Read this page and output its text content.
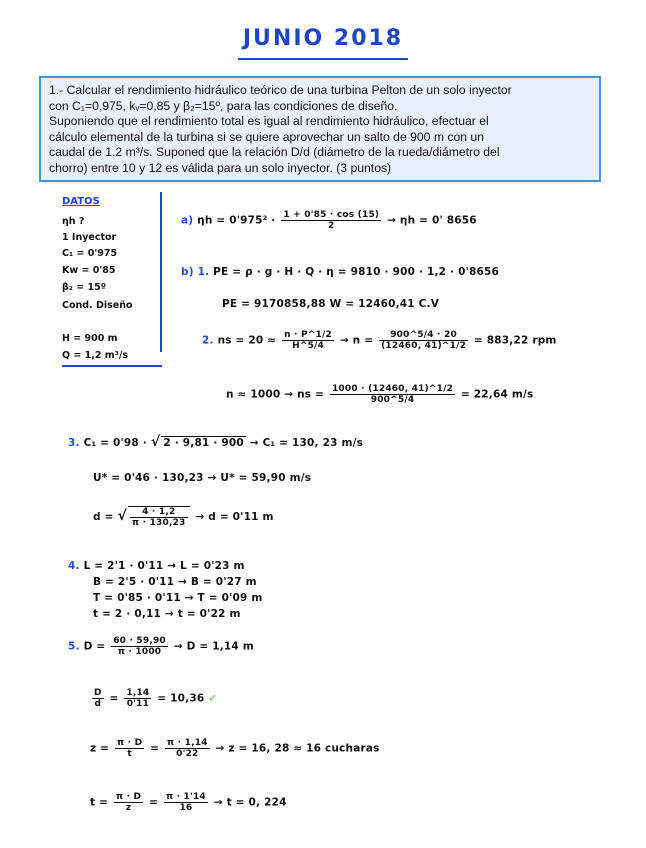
JUNIO 2018

1.- Calcular el rendimiento hidráulico teórico de una turbina Pelton de un solo inyector

con C₁=0,975, kᵥ=0,85 y β₂=15º, para las condiciones de diseño.

Suponiendo que el rendimiento total es igual al rendimiento hidráulico, efectuar el

cálculo elemental de la turbina si se quiere aprovechar un salto de 900 m con un

caudal de 1.2 m³/s. Suponed que la relación D/d (diámetro de la rueda/diámetro del

chorro) entre 10 y 12 es válida para un solo inyector. (3 puntos)

DATOS
ηh ?
1 Inyector
C₁ = 0'975
Kw = 0'85
β₂ = 15º
Cond. Diseño
H = 900 m
Q = 1,2 m³/s
a) $\eta h = 0'975^2 \cdot \frac{1 + 0'85 \cdot \cos (15)}{2} \to \eta h = 0'$ 8656
b) 1. PE = ρ · g · H · Q · η = 9810 · 900 · 1,2 · 0'8656
PE = 9170858,88 W = 12460,41 C.V
2. ns = $20 \approx \frac{n \cdot P\^{}1/2}{H\^{}5/4} \to n = \frac{900\^{}5/4 \cdot 20}{(12460, 41)\^{}1/2} = 883,22$ rpm
n ≈ 1000 → ns = $\frac{1000 \cdot (12460, 41)\^{}1/2}{900\^{}5/4} = 22,64$ m/s
3. C₁ = 0'98 · √ 2 · 9,81 · 900 → C₁ = 130, 23 m/s
U* = 0'46 · 130,23 → U* = 59,90 m/s
d = √ $\frac{4 \cdot 1,2}{\pi \cdot 130,23} \to d = 0'11$ m
4. L = 2'1 · 0'11 → L = 0'23 m
B = 2'5 · 0'11 → B = 0'27 m
T = 0'85 · 0'11 → T = 0'09 m
t = 2 · 0,11 → t = 0'22 m
5. $D = \frac{60 \cdot 59,90}{\pi \cdot 1000} \to D = 1,14$ m
$\frac{D}{d} = \frac{1,14}{0'11} = 10,36$ ✓
$z = \frac{\pi \cdot D}{t} = \frac{\pi \cdot 1,14}{0'22} \to z = 16$, 28 ≈ 16 cucharas
$t = \frac{\pi \cdot D}{z} = \frac{\pi \cdot 1'14}{16} \to t = 0$, 224
